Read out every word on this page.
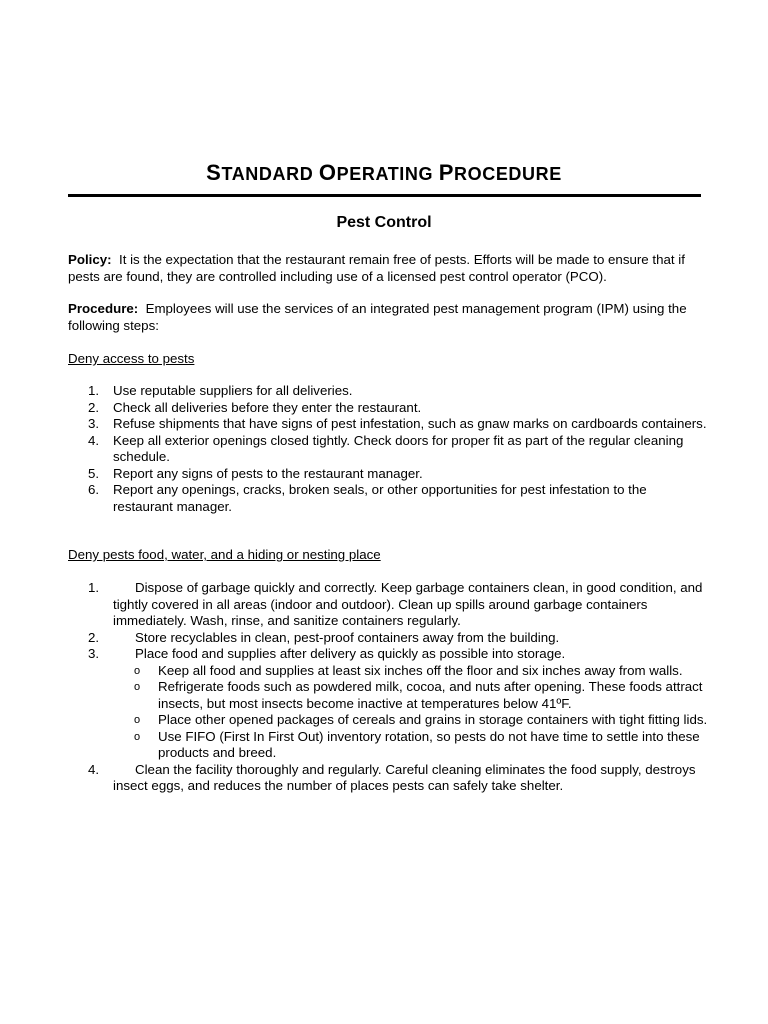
STANDARD OPERATING PROCEDURE
Pest Control
Policy: It is the expectation that the restaurant remain free of pests. Efforts will be made to ensure that if pests are found, they are controlled including use of a licensed pest control operator (PCO).
Procedure: Employees will use the services of an integrated pest management program (IPM) using the following steps:
Deny access to pests
1. Use reputable suppliers for all deliveries.
2. Check all deliveries before they enter the restaurant.
3. Refuse shipments that have signs of pest infestation, such as gnaw marks on cardboards containers.
4. Keep all exterior openings closed tightly. Check doors for proper fit as part of the regular cleaning schedule.
5. Report any signs of pests to the restaurant manager.
6. Report any openings, cracks, broken seals, or other opportunities for pest infestation to the restaurant manager.
Deny pests food, water, and a hiding or nesting place
1.	Dispose of garbage quickly and correctly. Keep garbage containers clean, in good condition, and tightly covered in all areas (indoor and outdoor). Clean up spills around garbage containers immediately. Wash, rinse, and sanitize containers regularly.
2.	Store recyclables in clean, pest-proof containers away from the building.
3.	Place food and supplies after delivery as quickly as possible into storage.
o Keep all food and supplies at least six inches off the floor and six inches away from walls.
o Refrigerate foods such as powdered milk, cocoa, and nuts after opening. These foods attract insects, but most insects become inactive at temperatures below 41ºF.
o Place other opened packages of cereals and grains in storage containers with tight fitting lids.
o Use FIFO (First In First Out) inventory rotation, so pests do not have time to settle into these products and breed.
4.	Clean the facility thoroughly and regularly. Careful cleaning eliminates the food supply, destroys insect eggs, and reduces the number of places pests can safely take shelter.
